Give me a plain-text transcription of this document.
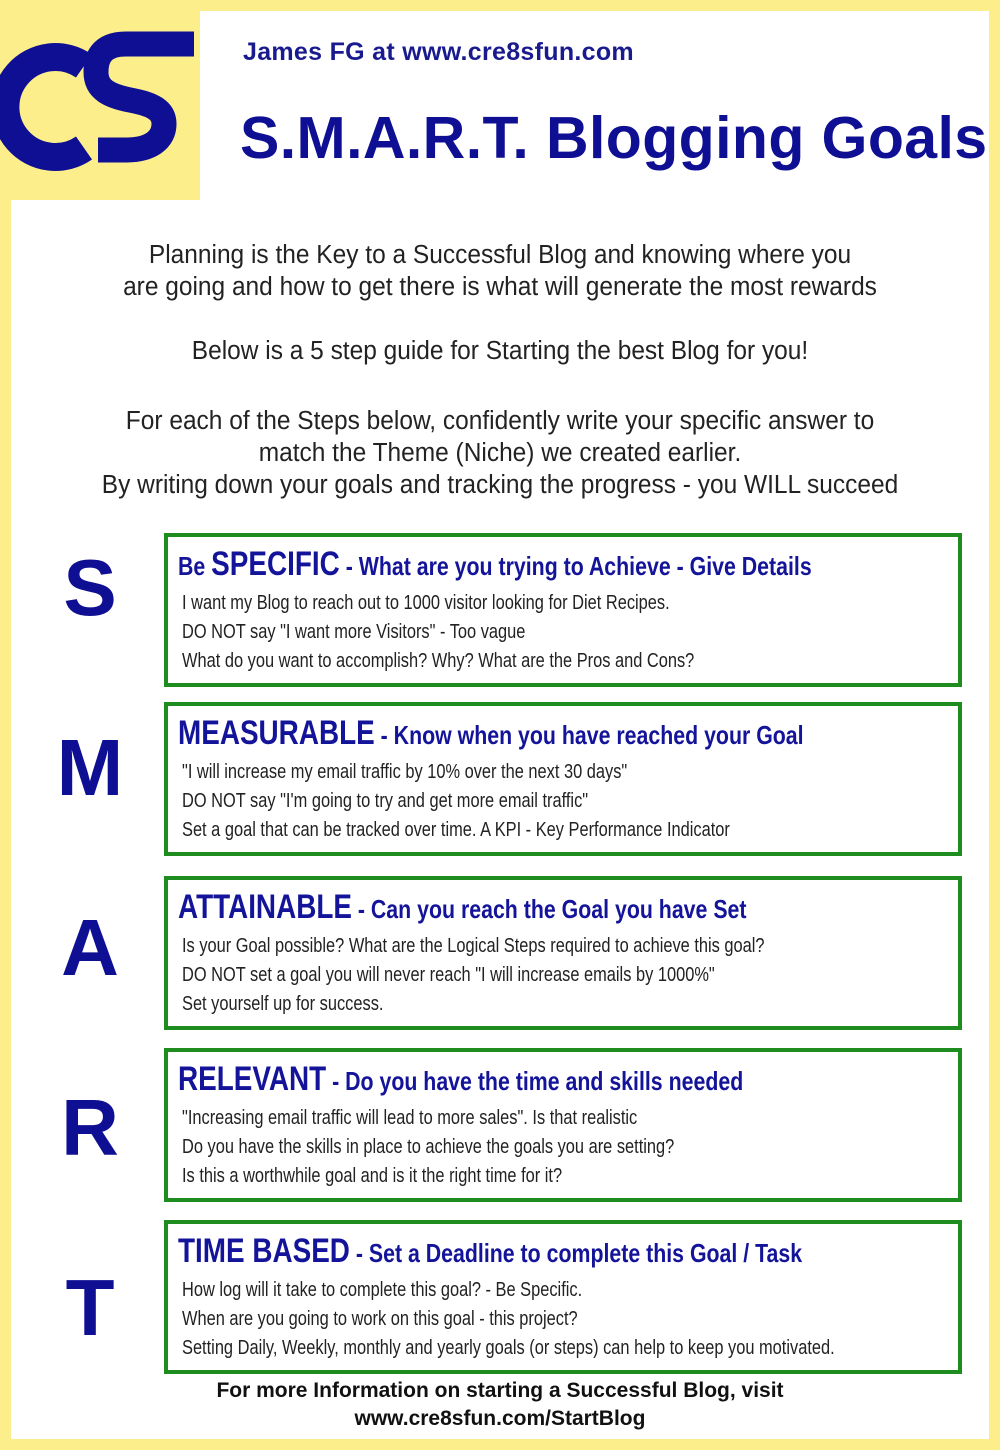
James FG at www.cre8sfun.com
S.M.A.R.T. Blogging Goals

Planning is the Key to a Successful Blog and knowing where you

are going and how to get there is what will generate the most rewards

Below is a 5 step guide for Starting the best Blog for you!

For each of the Steps below, confidently write your specific answer to

match the Theme (Niche) we created earlier.

By writing down your goals and tracking the progress - you WILL succeed

S	Be SPECIFIC - What are you trying to Achieve - Give Details
I want my Blog to reach out to 1000 visitor looking for Diet Recipes.
DO NOT say "I want more Visitors" - Too vague
What do you want to accomplish? Why? What are the Pros and Cons?
M	MEASURABLE - Know when you have reached your Goal
"I will increase my email traffic by 10% over the next 30 days"
DO NOT say "I'm going to try and get more email traffic"
Set a goal that can be tracked over time. A KPI - Key Performance Indicator
A	ATTAINABLE - Can you reach the Goal you have Set
Is your Goal possible? What are the Logical Steps required to achieve this goal?
DO NOT set a goal you will never reach "I will increase emails by 1000%"
Set yourself up for success.
R
RELEVANT - Do you have the time and skills needed
"Increasing email traffic will lead to more sales". Is that realistic
Do you have the skills in place to achieve the goals you are setting?
Is this a worthwhile goal and is it the right time for it?
T
TIME BASED - Set a Deadline to complete this Goal / Task
How log will it take to complete this goal? - Be Specific.
When are you going to work on this goal - this project?
Setting Daily, Weekly, monthly and yearly goals (or steps) can help to keep you motivated.
For more Information on starting a Successful Blog, visit
www.cre8sfun.com/StartBlog
